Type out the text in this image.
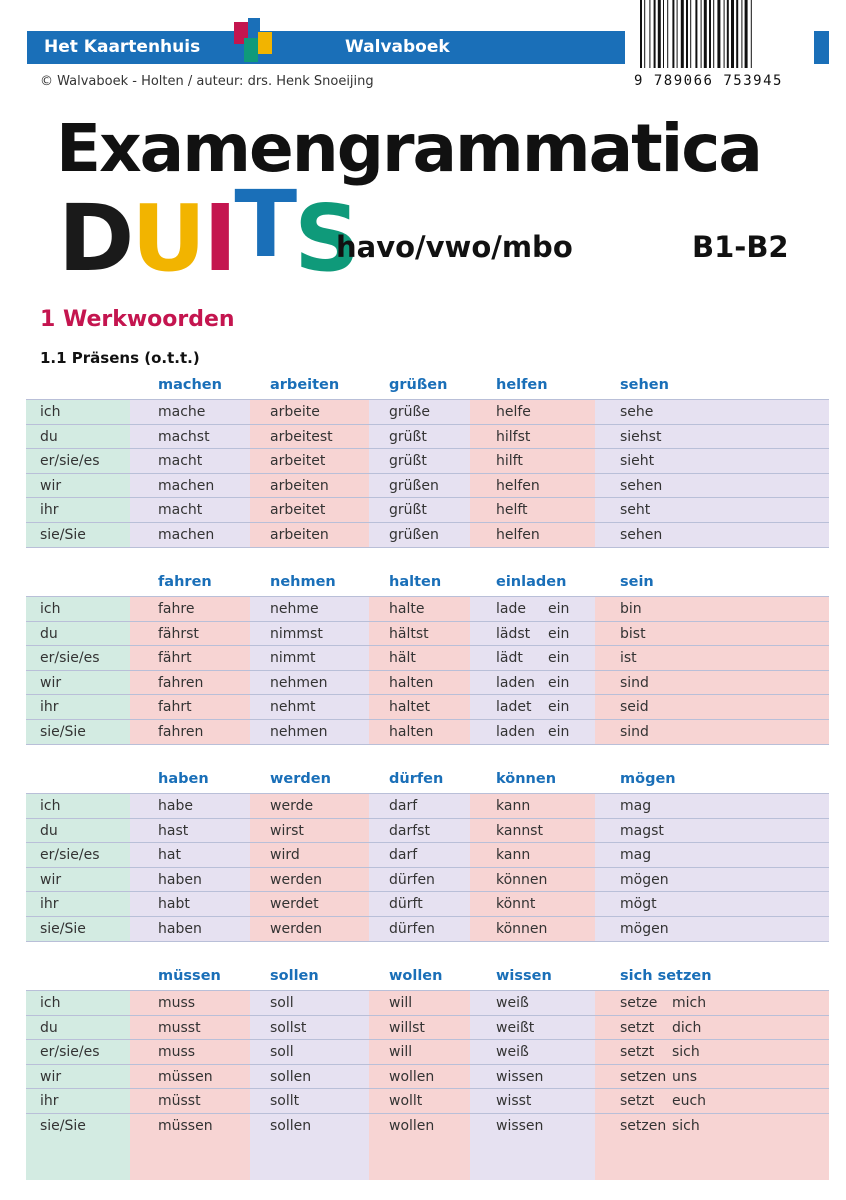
Het Kaartenhuis	Walvaboek
© Walvaboek - Holten / auteur: drs. Henk Snoeijing	9 789066 753945
Examengrammatica
DUITS
havo/vwo/mbo	B1-B2
1 Werkwoorden
1.1 Präsens (o.t.t.)
machen	arbeiten	grüßen	helfen	sehen
ich	mache	arbeite	grüße	helfe	sehe
du	machst	arbeitest	grüßt	hilfst	siehst
er/sie/es	macht	arbeitet	grüßt	hilft	sieht
wir	machen	arbeiten	grüßen	helfen	sehen
ihr	macht	arbeitet	grüßt	helft	seht
sie/Sie	machen	arbeiten	grüßen	helfen	sehen
fahren	nehmen	halten	einladen	sein
ich	fahre	nehme	halte	lade ein	bin
du	fährst	nimmst	hältst	lädst ein	bist
er/sie/es	fährt	nimmt	hält	lädt ein	ist
wir	fahren	nehmen	halten	laden ein	sind
ihr	fahrt	nehmt	haltet	ladet ein	seid
sie/Sie	fahren	nehmen	halten	laden ein	sind
haben	werden	dürfen	können	mögen
ich	habe	werde	darf	kann	mag
du	hast	wirst	darfst	kannst	magst
er/sie/es	hat	wird	darf	kann	mag
wir	haben	werden	dürfen	können	mögen
ihr	habt	werdet	dürft	könnt	mögt
sie/Sie	haben	werden	dürfen	können	mögen
müssen	sollen	wollen	wissen	sich setzen
ich	muss	soll	will	weiß	setze mich
du	musst	sollst	willst	weißt	setzt dich
er/sie/es	muss	soll	will	weiß	setzt sich
wir	müssen	sollen	wollen	wissen	setzen uns
ihr	müsst	sollt	wollt	wisst	setzt euch
sie/Sie	müssen	sollen	wollen	wissen	setzen sich
